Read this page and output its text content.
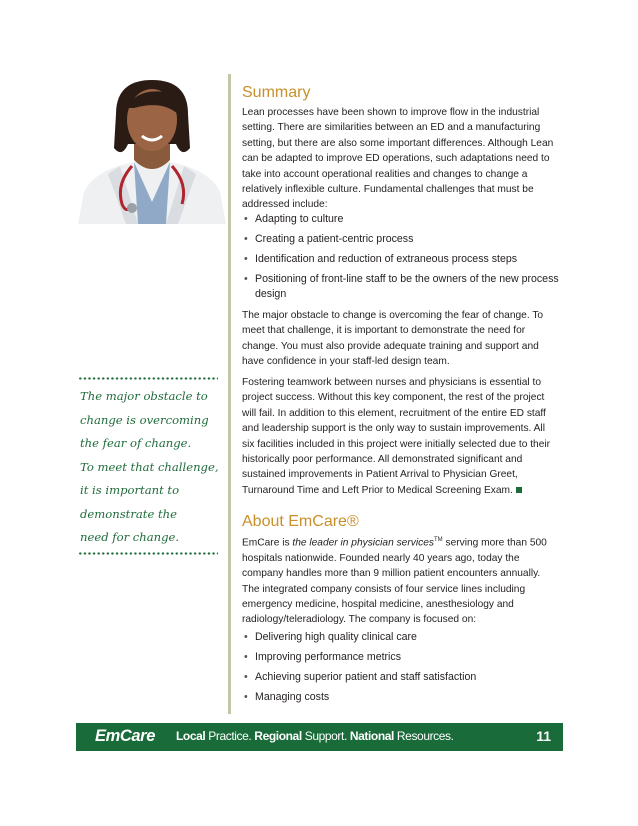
Summary

Lean processes have been shown to improve flow in the industrial setting. There are similarities between an ED and a manufacturing setting, but there are also some important differences. Although Lean can be adapted to improve ED operations, such adaptations need to take into account operational realities and changes to change a relatively inflexible culture. Fundamental challenges that must be addressed include:

• Adapting to culture
• Creating a patient-centric process
• Identification and reduction of extraneous process steps
• Positioning of front-line staff to be the owners of the new process design

The major obstacle to change is overcoming the fear of change. To meet that challenge, it is important to demonstrate the need for change. You must also provide adequate training and support and have confidence in your staff-led design team.

Fostering teamwork between nurses and physicians is essential to project success. Without this key component, the rest of the project will fail. In addition to this element, recruitment of the entire ED staff and leadership support is the only way to sustain improvements. All six facilities included in this project were initially selected due to their historically poor performance. All demonstrated significant and sustained improvements in Patient Arrival to Physician Greet, Turnaround Time and Left Prior to Medical Screening Exam.

About EmCare®

EmCare is the leader in physician services™ serving more than 500 hospitals nationwide. Founded nearly 40 years ago, today the company handles more than 9 million patient encounters annually. The integrated company consists of four service lines including emergency medicine, hospital medicine, anesthesiology and radiology/teleradiology. The company is focused on:

• Delivering high quality clinical care
• Improving performance metrics
• Achieving superior patient and staff satisfaction
• Managing costs

The major obstacle to
change is overcoming
the fear of change.
To meet that challenge,
it is important to
demonstrate the
need for change.

EmCare Local Practice. Regional Support. National Resources.	11
